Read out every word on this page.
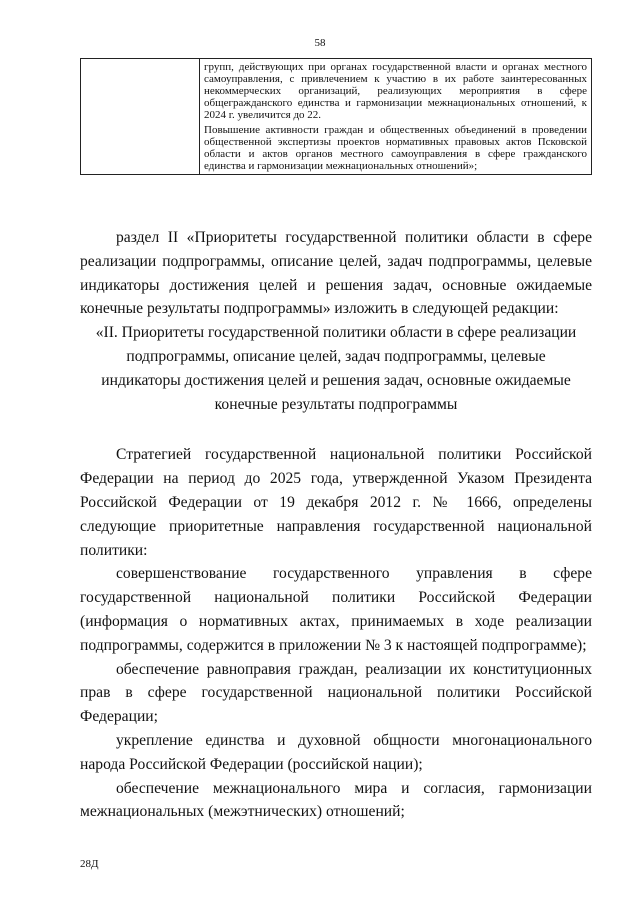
58

групп, действующих при органах государственной власти и органах местного самоуправления, с привлечением к участию в их работе заинтересованных некоммерческих организаций, реализующих мероприятия в сфере общегражданского единства и гармонизации межнациональных отношений, к 2024 г. увеличится до 22.

Повышение активности граждан и общественных объединений в проведении общественной экспертизы проектов нормативных правовых актов Псковской области и актов органов местного самоуправления в сфере гражданского единства и гармонизации межнациональных отношений»;

раздел II «Приоритеты государственной политики области в сфере реализации подпрограммы, описание целей, задач подпрограммы, целевые индикаторы достижения целей и решения задач, основные ожидаемые конечные результаты подпрограммы» изложить в следующей редакции:

«II. Приоритеты государственной политики области в сфере реализации
подпрограммы, описание целей, задач подпрограммы, целевые
индикаторы достижения целей и решения задач, основные ожидаемые
конечные результаты подпрограммы

Стратегией государственной национальной политики Российской Федерации на период до 2025 года, утвержденной Указом Президента Российской Федерации от 19 декабря 2012 г. № 1666, определены следующие приоритетные направления государственной национальной политики:

совершенствование государственного управления в сфере государственной национальной политики Российской Федерации (информация о нормативных актах, принимаемых в ходе реализации подпрограммы, содержится в приложении № 3 к настоящей подпрограмме);

обеспечение равноправия граждан, реализации их конституционных прав в сфере государственной национальной политики Российской Федерации;

укрепление единства и духовной общности многонационального народа Российской Федерации (российской нации);

обеспечение межнационального мира и согласия, гармонизации межнациональных (межэтнических) отношений;

28Д
